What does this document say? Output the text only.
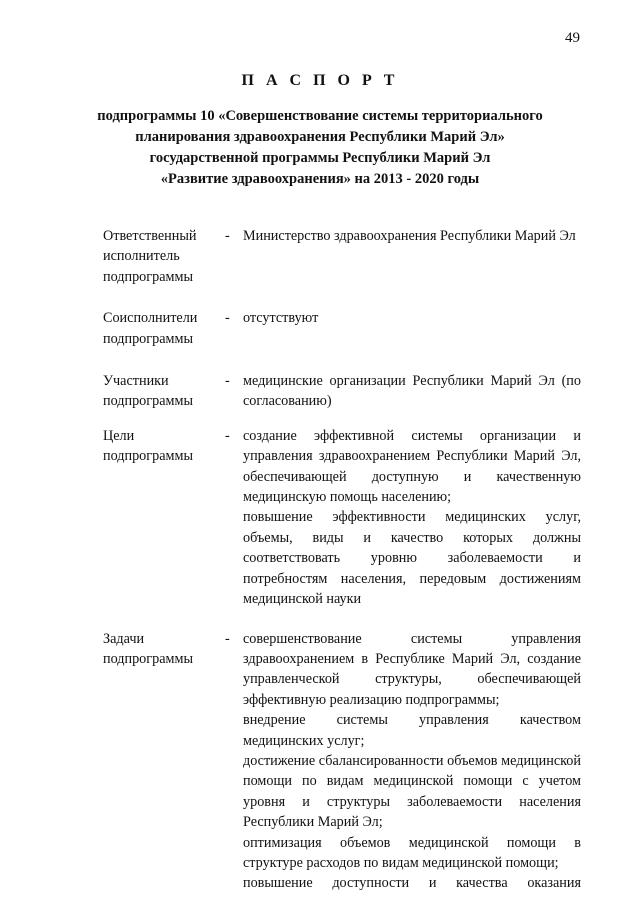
49
П А С П О Р Т
подпрограммы 10 «Совершенствование системы территориального
планирования здравоохранения Республики Марий Эл»
государственной программы Республики Марий Эл
«Развитие здравоохранения» на 2013 - 2020 годы
Ответственный исполнитель подпрограммы
- Министерство здравоохранения Республики Марий Эл
Соисполнители подпрограммы
- отсутствуют
Участники подпрограммы
- медицинские организации Республики Марий Эл (по согласованию)
Цели подпрограммы
- создание эффективной системы организации и управления здравоохранением Республики Марий Эл, обеспечивающей доступную и качественную медицинскую помощь населению;
повышение эффективности медицинских услуг, объемы, виды и качество которых должны соответствовать уровню заболеваемости и потребностям населения, передовым достижениям медицинской науки
Задачи подпрограммы
- совершенствование системы управления здравоохранением в Республике Марий Эл, создание управленческой структуры, обеспечивающей эффективную реализацию подпрограммы;
внедрение системы управления качеством медицинских услуг;
достижение сбалансированности объемов медицинской помощи по видам медицинской помощи с учетом уровня и структуры заболеваемости населения Республики Марий Эл;
оптимизация объемов медицинской помощи в структуре расходов по видам медицинской помощи;
повышение доступности и качества оказания
